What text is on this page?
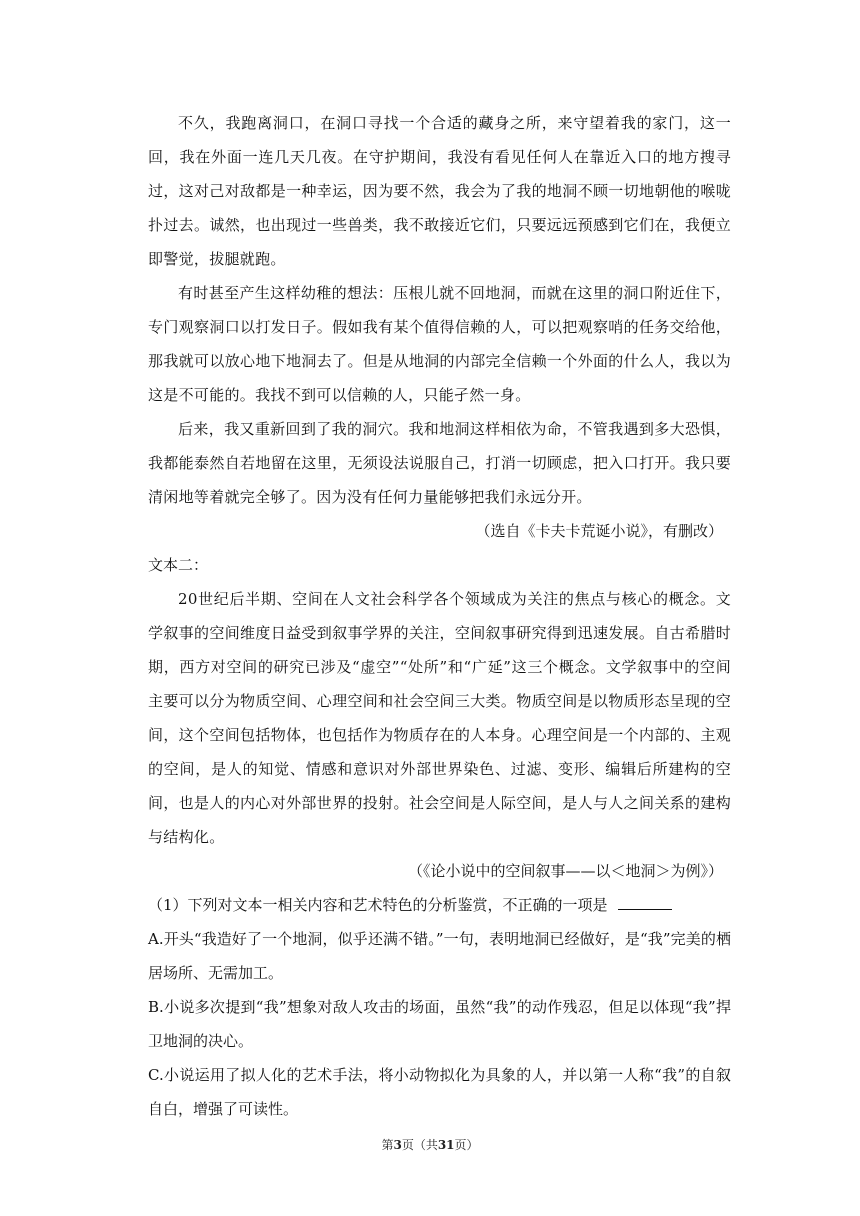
不久，我跑离洞口，在洞口寻找一个合适的藏身之所，来守望着我的家门，这一回，我在外面一连几天几夜。在守护期间，我没有看见任何人在靠近入口的地方搜寻过，这对己对敌都是一种幸运，因为要不然，我会为了我的地洞不顾一切地朝他的喉咙扑过去。诚然，也出现过一些兽类，我不敢接近它们，只要远远预感到它们在，我便立即警觉，拔腿就跑。

有时甚至产生这样幼稚的想法：压根儿就不回地洞，而就在这里的洞口附近住下，专门观察洞口以打发日子。假如我有某个值得信赖的人，可以把观察哨的任务交给他，那我就可以放心地下地洞去了。但是从地洞的内部完全信赖一个外面的什么人，我以为这是不可能的。我找不到可以信赖的人，只能孑然一身。

后来，我又重新回到了我的洞穴。我和地洞这样相依为命，不管我遇到多大恐惧，我都能泰然自若地留在这里，无须设法说服自己，打消一切顾虑，把入口打开。我只要清闲地等着就完全够了。因为没有任何力量能够把我们永远分开。

（选自《卡夫卡荒诞小说》，有删改）

文本二：

20世纪后半期、空间在人文社会科学各个领域成为关注的焦点与核心的概念。文学叙事的空间维度日益受到叙事学界的关注，空间叙事研究得到迅速发展。自古希腊时期，西方对空间的研究已涉及“虚空”“处所”和“广延”这三个概念。文学叙事中的空间主要可以分为物质空间、心理空间和社会空间三大类。物质空间是以物质形态呈现的空间，这个空间包括物体，也包括作为物质存在的人本身。心理空间是一个内部的、主观的空间，是人的知觉、情感和意识对外部世界染色、过滤、变形、编辑后所建构的空间，也是人的内心对外部世界的投射。社会空间是人际空间，是人与人之间关系的建构与结构化。

（《论小说中的空间叙事——以＜地洞＞为例》）

（1）下列对文本一相关内容和艺术特色的分析鉴赏，不正确的一项是

A.开头“我造好了一个地洞，似乎还满不错。”一句，表明地洞已经做好，是“我”完美的栖居场所、无需加工。

B.小说多次提到“我”想象对敌人攻击的场面，虽然“我”的动作残忍，但足以体现“我”捍卫地洞的决心。

C.小说运用了拟人化的艺术手法，将小动物拟化为具象的人，并以第一人称“我”的自叙自白，增强了可读性。

第3页（共31页）
